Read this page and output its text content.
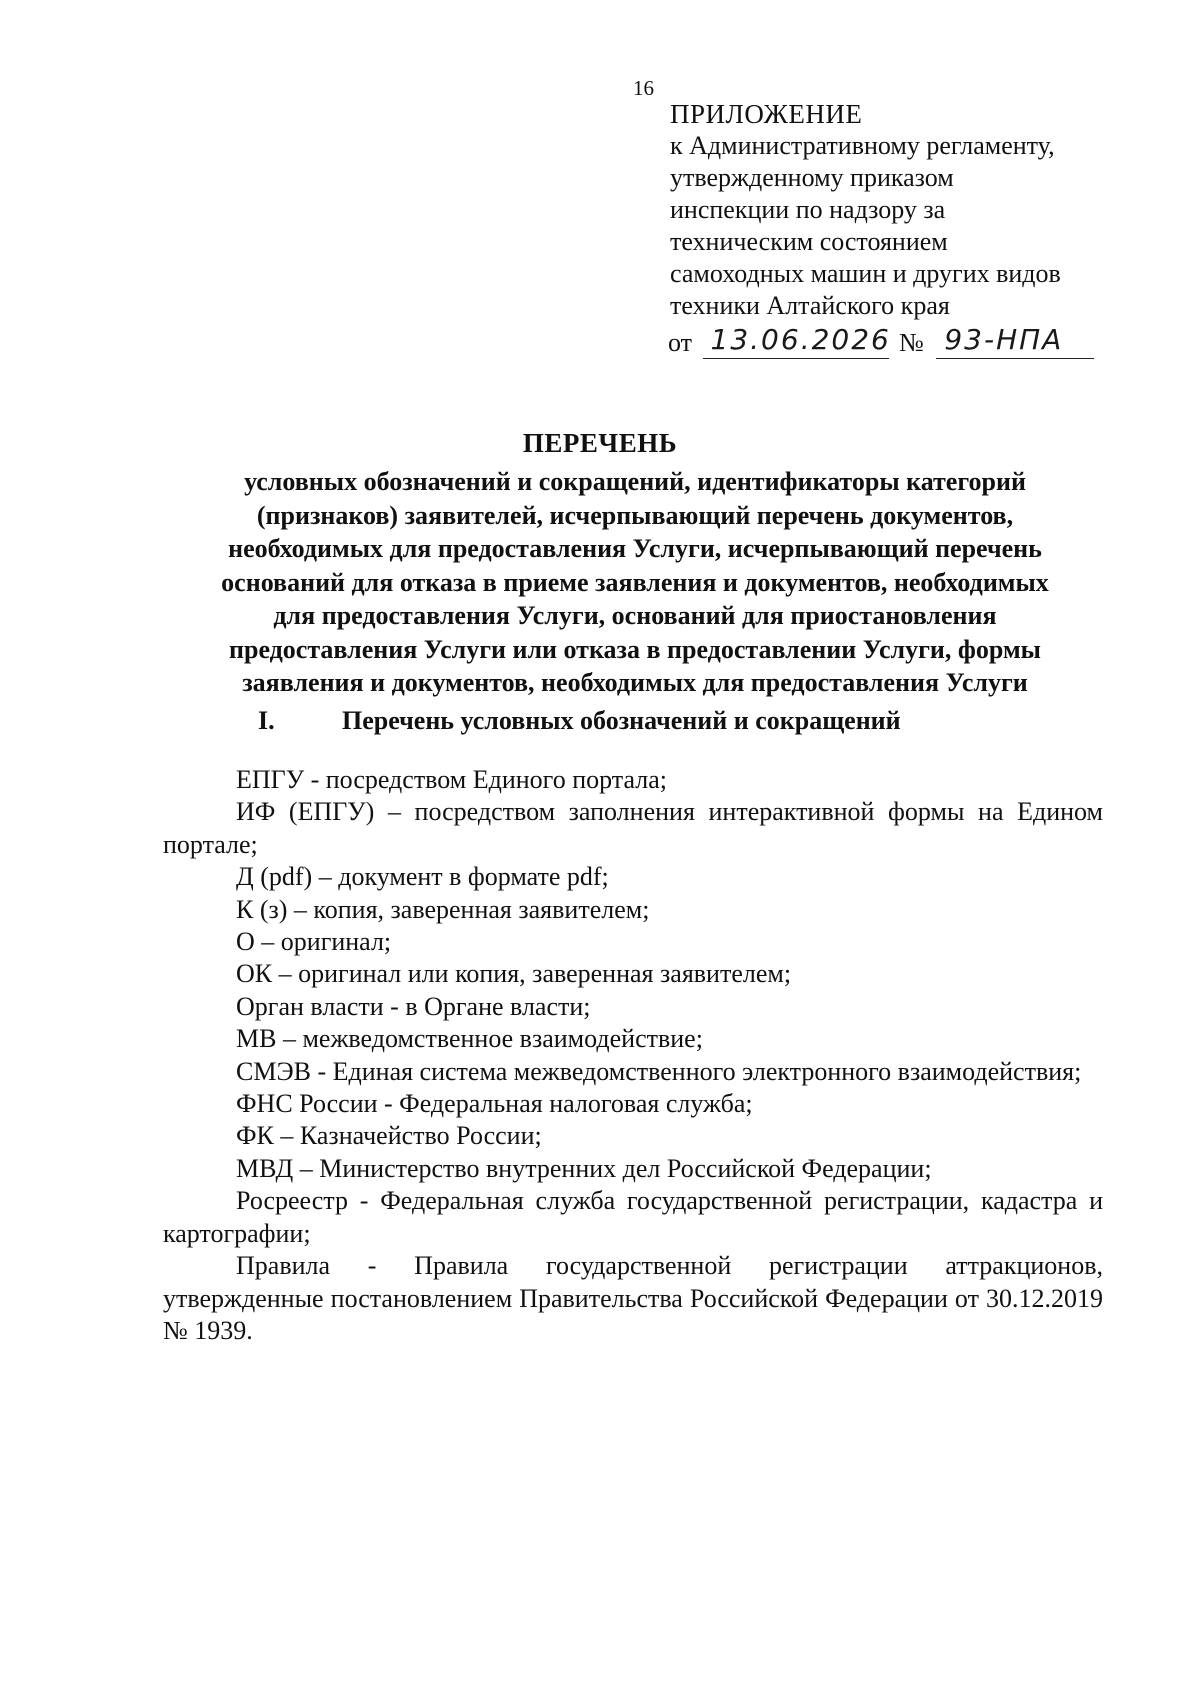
16
ПРИЛОЖЕНИЕ
к Административному регламенту,
утвержденному приказом
инспекции по надзору за
техническим состоянием
самоходных машин и других видов
техники Алтайского края
от 13.06.2026 № 93-НПА
ПЕРЕЧЕНЬ
условных обозначений и сокращений, идентификаторы категорий
(признаков) заявителей, исчерпывающий перечень документов,
необходимых для предоставления Услуги, исчерпывающий перечень
оснований для отказа в приеме заявления и документов, необходимых
для предоставления Услуги, оснований для приостановления
предоставления Услуги или отказа в предоставлении Услуги, формы
заявления и документов, необходимых для предоставления Услуги
I.	Перечень условных обозначений и сокращений
ЕПГУ - посредством Единого портала;
ИФ (ЕПГУ) – посредством заполнения интерактивной формы на Едином портале;
Д (pdf) – документ в формате pdf;
К (з) – копия, заверенная заявителем;
О – оригинал;
ОК – оригинал или копия, заверенная заявителем;
Орган власти - в Органе власти;
МВ – межведомственное взаимодействие;
СМЭВ - Единая система межведомственного электронного взаимодействия;
ФНС России - Федеральная налоговая служба;
ФК – Казначейство России;
МВД – Министерство внутренних дел Российской Федерации;
Росреестр - Федеральная служба государственной регистрации, кадастра и картографии;
Правила - Правила государственной регистрации аттракционов, утвержденные постановлением Правительства Российской Федерации от 30.12.2019 № 1939.
